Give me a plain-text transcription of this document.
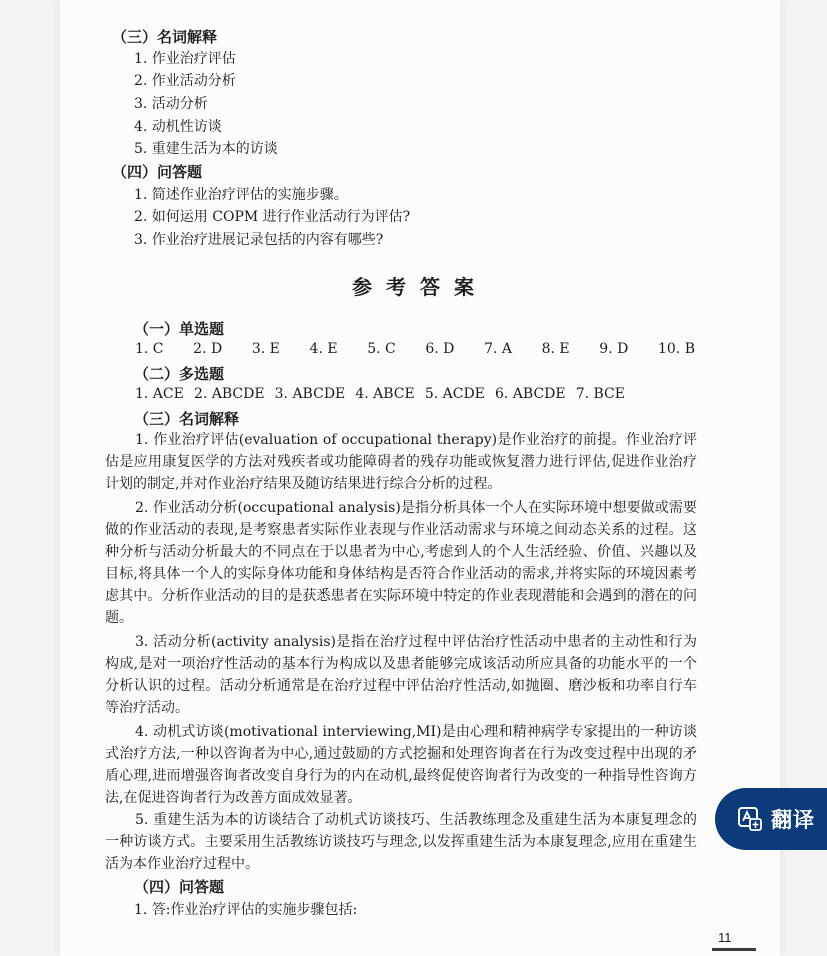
（三）名词解释
1. 作业治疗评估
2. 作业活动分析
3. 活动分析
4. 动机性访谈
5. 重建生活为本的访谈
（四）问答题
1. 简述作业治疗评估的实施步骤。
2. 如何运用 COPM 进行作业活动行为评估?
3. 作业治疗进展记录包括的内容有哪些?
参考答案
（一）单选题
1. C 2. D 3. E 4. E 5. C 6. D 7. A 8. E 9. D 10. B
（二）多选题
1. ACE 2. ABCDE 3. ABCDE 4. ABCE 5. ACDE 6. ABCDE 7. BCE
（三）名词解释
1. 作业治疗评估(evaluation of occupational therapy)是作业治疗的前提。作业治疗评估是应用康复医学的方法对残疾者或功能障碍者的残存功能或恢复潜力进行评估,促进作业治疗计划的制定,并对作业治疗结果及随访结果进行综合分析的过程。
2. 作业活动分析(occupational analysis)是指分析具体一个人在实际环境中想要做或需要做的作业活动的表现,是考察患者实际作业表现与作业活动需求与环境之间动态关系的过程。这种分析与活动分析最大的不同点在于以患者为中心,考虑到人的个人生活经验、价值、兴趣以及目标,将具体一个人的实际身体功能和身体结构是否符合作业活动的需求,并将实际的环境因素考虑其中。分析作业活动的目的是获悉患者在实际环境中特定的作业表现潜能和会遇到的潜在的问题。
3. 活动分析(activity analysis)是指在治疗过程中评估治疗性活动中患者的主动性和行为构成,是对一项治疗性活动的基本行为构成以及患者能够完成该活动所应具备的功能水平的一个分析认识的过程。活动分析通常是在治疗过程中评估治疗性活动,如抛圈、磨沙板和功率自行车等治疗活动。
4. 动机式访谈(motivational interviewing,MI)是由心理和精神病学专家提出的一种访谈式治疗方法,一种以咨询者为中心,通过鼓励的方式挖掘和处理咨询者在行为改变过程中出现的矛盾心理,进而增强咨询者改变自身行为的内在动机,最终促使咨询者行为改变的一种指导性咨询方法,在促进咨询者行为改善方面成效显著。
5. 重建生活为本的访谈结合了动机式访谈技巧、生活教练理念及重建生活为本康复理念的一种访谈方式。主要采用生活教练访谈技巧与理念,以发挥重建生活为本康复理念,应用在重建生活为本作业治疗过程中。
（四）问答题
1. 答:作业治疗评估的实施步骤包括:
11
翻译
